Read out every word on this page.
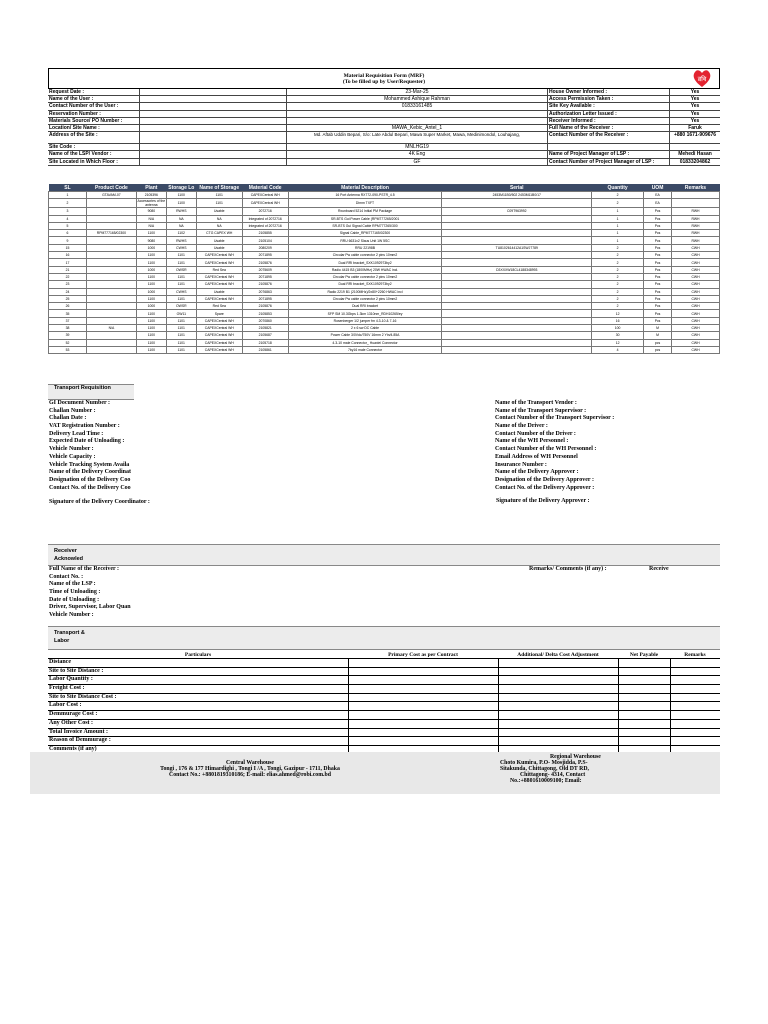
Material Requisition Form (MRF)
(To be filled up by User/Requester)	রবি
Request Date :	23-Mar-25	House Owner Informed :	Yes
Name of the User :	Mohammed Ashique Rahman	Access Permission Taken :	Yes
Contact Number of the User :	01833161485	Site Key Available :	Yes
Reservation Number :	Authorization Letter Issued :	Yes
Materials Source/ PO Number :	Receiver Informed :	Yes
Location/ Site Name :	MAWA_Kebic_Antel_1	Full Name of the Receiver :	Faruk
Address of the Site :	Md. Aftab Uddin Bepari, S/o: Late Abdul Bepari, Mawa Super Market, Mawa, Medinimondol, Louhajang,	Contact Number of the Receiver :	+880 1671-909676
Site Code :	MNLHG19
Name of the LSP/ Vendor :	4K Eng	Name of Project Manager of LSP :	Mehedi Hasan
Site Located in Which Floor :	GF	Contact Number of Project Manager of LSP :	01833204862
SL	Product Code	Plant	Storage Lo	Name of Storage	Material Code	Material Description	Serial	Quantity	UOM	Remarks
1	GTAVAM-07	2105396	1100	1101	CAPEXCentral WH	16 Port Antenna RX772-090-PSTR_4.5	2453M11B0/502 2453M11B0/17	2	EA	
2		Accessories of the antenna	1100	1101	CAPEXCentral WH	Dimm TXFT		2	EA	
3		9080	RWHS	Usable	2072716	Rxunboard 5214 Initial PM Package	C09T963992	1	Pcs	RWH
4		N/A	NA	NA	Integrated of 2072716	SR-BTS Gui Power Cable (RPM777265/2001		1	Pcs	RWH
5		N/A	NA	NA	Integrated of 2072716	SR-BTS Gui Signal Cable RPM777265/300		1	Pcs	RWH
6	RPM777165/02300	1100	1102	CTG CAPEX WH	2105855	Signal Cable_RPM777165/02300		1	Pcs	RWH
9		9080	RWHS	Usable	2105104	RRU 6631x2 Slaus Unit 1W 5SC		1	Pcs	RWH
15		1000	CWHS	Usable	2080209	RRU 22198B	TU8102614412A1SWJ7789	2	Pcs	CWH
16		1100	1101	CAPEXCentral WH	2071895	Circular Pw cable connector 2 pins 10mm2		2	Pcs	CWH
17		1100	1101	CAPEXCentral WH	2105876	Dual RRI bracket_SXK1092973by2		2	Pcs	CWH
21		1000	OWSR	Red Sea	2075609	Radio 4415 B3 (1800MHz) 20W HWAC incl.	D3XXXW18CL4188348993	2	Pcs	CWH
22		1100	1101	CAPEXCentral WH	2071895	Circular Pw cable connector 2 pins 10mm2		2	Pcs	CWH
23		1100	1101	CAPEXCentral WH	2105876	Dual RRI bracket_SXK1092973by2		2	Pcs	CWH
24		1000	CWHS	Usable	2076863	Radio 2219 B1 (2100MHz)/2x80+2260 HWAC incl		2	Pcs	CWH
25		1100	1101	CAPEXCentral WH	2071895	Circular Pw cable connector 2 pins 10mm2		2	Pcs	CWH
26		1000	OWSR	Red Sea	2105876	Dual RRI bracket		2	Pcs	CWH
35		1100	OW11	Spare	2105853	SFP SM 10.3Gbps 1.3km 1310nm_RDH10265/ey		12	Pcs	CWH
37		1100	1101	CAPEXCentral WH	2070860	Rosenberger 1/2 jumper fm 4.3-10 & 7-16		16	Pcs	CWH
38	N/A	1100	1101	CAPEXCentral WH	2105821	2 x 6 sw DC Cable		100	M	CWH
39		1100	1101	CAPEXCentral WH	2105687	Power Cable 3/0Vdc/750V 16mm 2 Ytn/4.85A		30	M	CWH
52		1100	1101	CAPEXCentral WH	2105718	4.3-10 male Connector_ Huaxiei Connector		12	pcs	CWH
53		1100	1101	CAPEXCentral WH	2105861	7by16 male Connector		4	pcs	CWH
Transport Requisition
GI Document Number :
Challan Number :
Challan Date :
VAT Registration Number :
Delivery Lead Time :
Expected Date of Unloading :
Vehicle Number :
Vehicle Capacity :
Vehicle Tracking System Availa
Name of the Delivery Coordinat
Designation of the Delivery Coo
Contact No. of the Delivery Coo
Name of the Transport Vendor :
Name of the Transport Supervisor :
Contact Number of the Transport Supervisor :
Name of the Driver :
Contact Number of the Driver :
Name of the WH Personnel :
Contact Number of the WH Personnel :
Email Address of WH Personnel
Insurance Number :
Name of the Delivery Approver :
Designation of the Delivery Approver :
Contact No. of the Delivery Approver :
Signature of the Delivery Coordinator :	Signature of the Delivery Approver :
Receiver Acknowled
Full Name of the Receiver :
Contact No. :
Name of the LSP :
Time of Unloading :
Date of Unloading :
Driver, Supervisor, Labor Quan
Vehicle Number :
Remarks/ Comments (if any) :	Receive
Transport & Labor
Particulars	Primary Cost as per Contract	Additional/ Delta Cost Adjustment	Net Payable	Remarks
Distance
Site to Site Distance :
Labor Quantity :
Freight Cost :
Site to Site Distance Cost :
Labor Cost :
Demmurage Cost :
Any Other Cost :
Total Invoice Amount :
Reason of Demmurage :
Comments (if any)
Central Warehouse
Tongi , 176 & 177 Himardighi , Tongi I /A , Tongi, Gazipur - 1711, Dhaka
Contact No.: +8801819310186; E-mail: elias.ahmed@robi.com.bd
Regional Warehouse
Choto Kumira, P.O- Mosjidda, P.S-
Sitakunda, Chittagong, Old DT RD,
Chittagong- 4314, Contact
No.:+8801610009100; Email:
